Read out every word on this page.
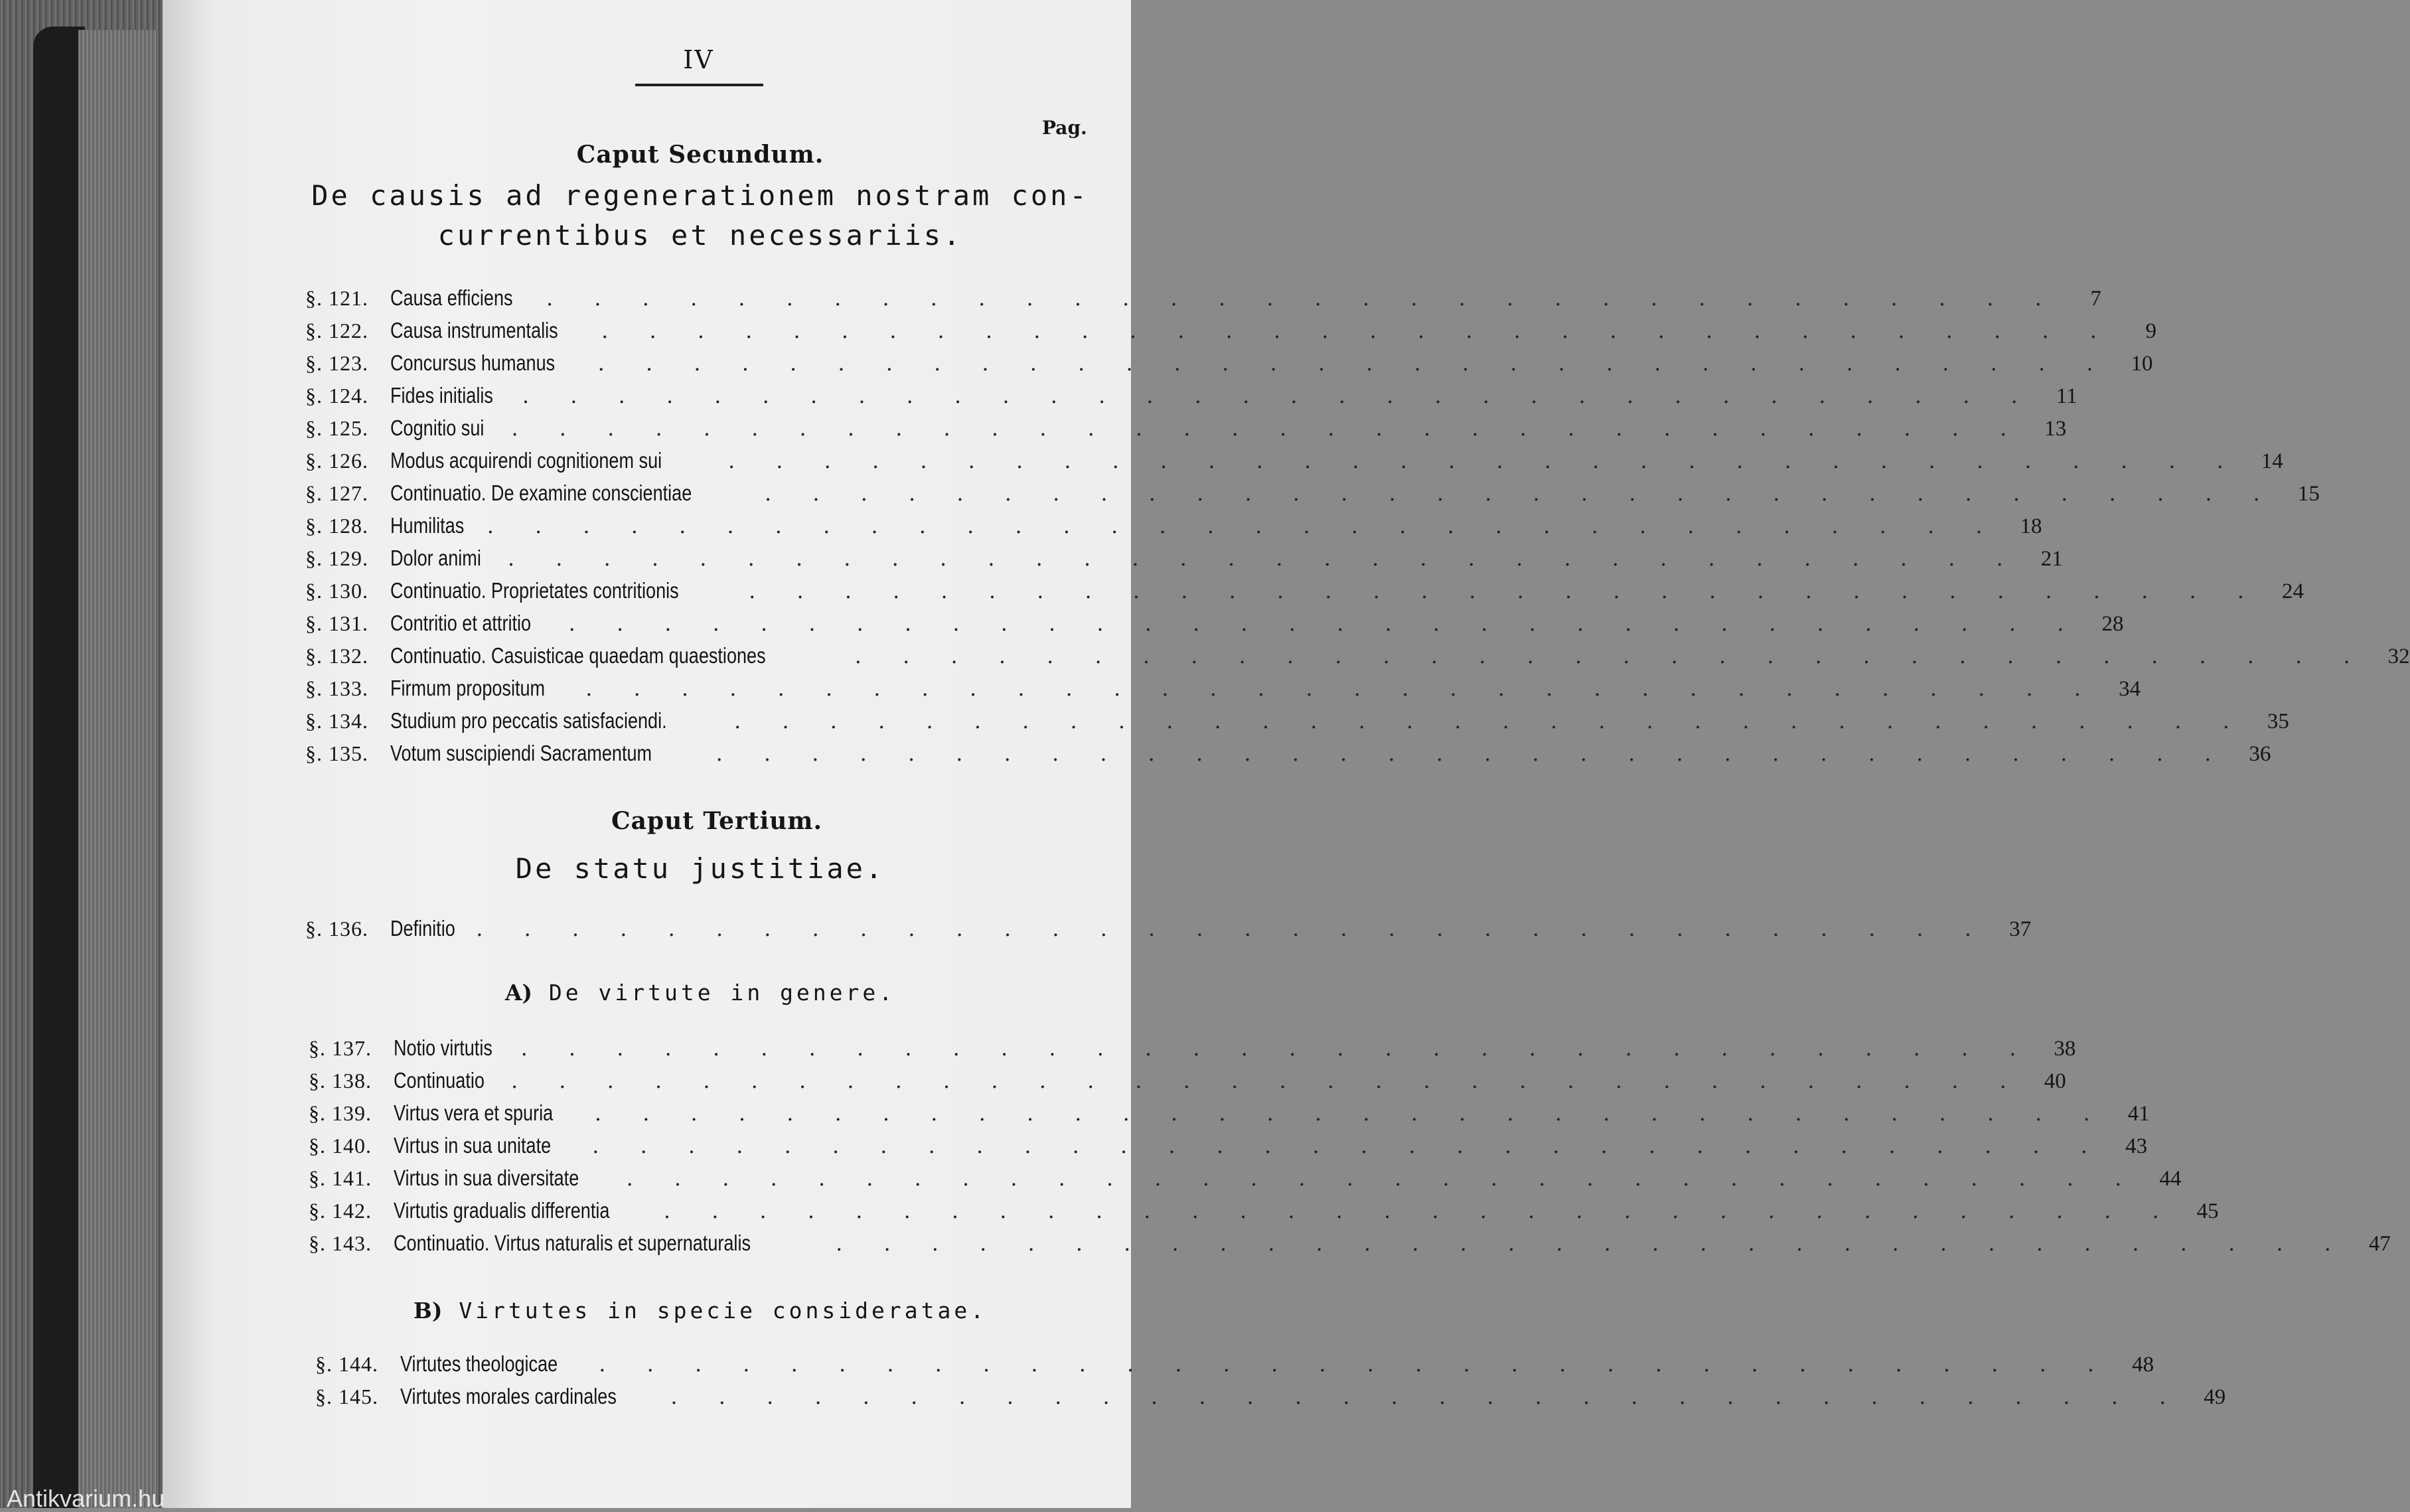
IV
Pag.
Caput Secundum.
De causis ad regenerationem nostram con-
currentibus et necessariis.
§. 121.	Causa efficiens . . . . . . . . . . . . . . . . . . . . . . . . . . . . . . . .	7
§. 122.	Causa instrumentalis . . . . . . . . . . . . . . . . . . . . . . . . . . . . . . . .	9
§. 123.	Concursus humanus . . . . . . . . . . . . . . . . . . . . . . . . . . . . . . . . 10
§. 124.	Fides initialis . . . . . . . . . . . . . . . . . . . . . . . . . . . . . . . . 11
§. 125.	Cognitio sui . . . . . . . . . . . . . . . . . . . . . . . . . . . . . . . . 13
§. 126.	Modus acquirendi cognitionem sui	. . . . . . . . . . . . . . . . . . . . . . . . . . . . . . . . 14
§. 127.	Continuatio. De examine conscientiae	. . . . . . . . . . . . . . . . . . . . . . . . . . . . . . . . 15
§. 128.	Humilitas . . . . . . . . . . . . . . . . . . . . . . . . . . . . . . . . 18
§. 129.	Dolor animi . . . . . . . . . . . . . . . . . . . . . . . . . . . . . . . . 21
§. 130.	Continuatio. Proprietates contritionis	. . . . . . . . . . . . . . . . . . . . . . . . . . . . . . . . 24
§. 131.	Contritio et attritio . . . . . . . . . . . . . . . . . . . . . . . . . . . . . . . . 28
§. 132.	Continuatio. Casuisticae quaedam quaestiones	. . . . . . . . . . . . . . . . . . . . . . . . . . . . . . . . 32
§. 133.	Firmum propositum . . . . . . . . . . . . . . . . . . . . . . . . . . . . . . . . 34
§. 134.	Studium pro peccatis satisfaciendi.	. . . . . . . . . . . . . . . . . . . . . . . . . . . . . . . . 35
§. 135.	Votum suscipiendi Sacramentum	. . . . . . . . . . . . . . . . . . . . . . . . . . . . . . . . 36
Caput Tertium.
De statu justitiae.
§. 136.	Definitio . . . . . . . . . . . . . . . . . . . . . . . . . . . . . . . . 37
A) De virtute in genere.
§. 137.	Notio virtutis . . . . . . . . . . . . . . . . . . . . . . . . . . . . . . . . 38
§. 138.	Continuatio . . . . . . . . . . . . . . . . . . . . . . . . . . . . . . . . 40
§. 139.	Virtus vera et spuria . . . . . . . . . . . . . . . . . . . . . . . . . . . . . . . . 41
§. 140.	Virtus in sua unitate . . . . . . . . . . . . . . . . . . . . . . . . . . . . . . . . 43
§. 141.	Virtus in sua diversitate . . . . . . . . . . . . . . . . . . . . . . . . . . . . . . . . 44
§. 142.	Virtutis gradualis differentia	. . . . . . . . . . . . . . . . . . . . . . . . . . . . . . . . 45
§. 143.	Continuatio. Virtus naturalis et supernaturalis	. . . . . . . . . . . . . . . . . . . . . . . . . . . . . . . . 47
B) Virtutes in specie consideratae.
§. 144.	Virtutes theologicae . . . . . . . . . . . . . . . . . . . . . . . . . . . . . . . . 48
§. 145.	Virtutes morales cardinales	. . . . . . . . . . . . . . . . . . . . . . . . . . . . . . . . 49
Antikvarium.hu
